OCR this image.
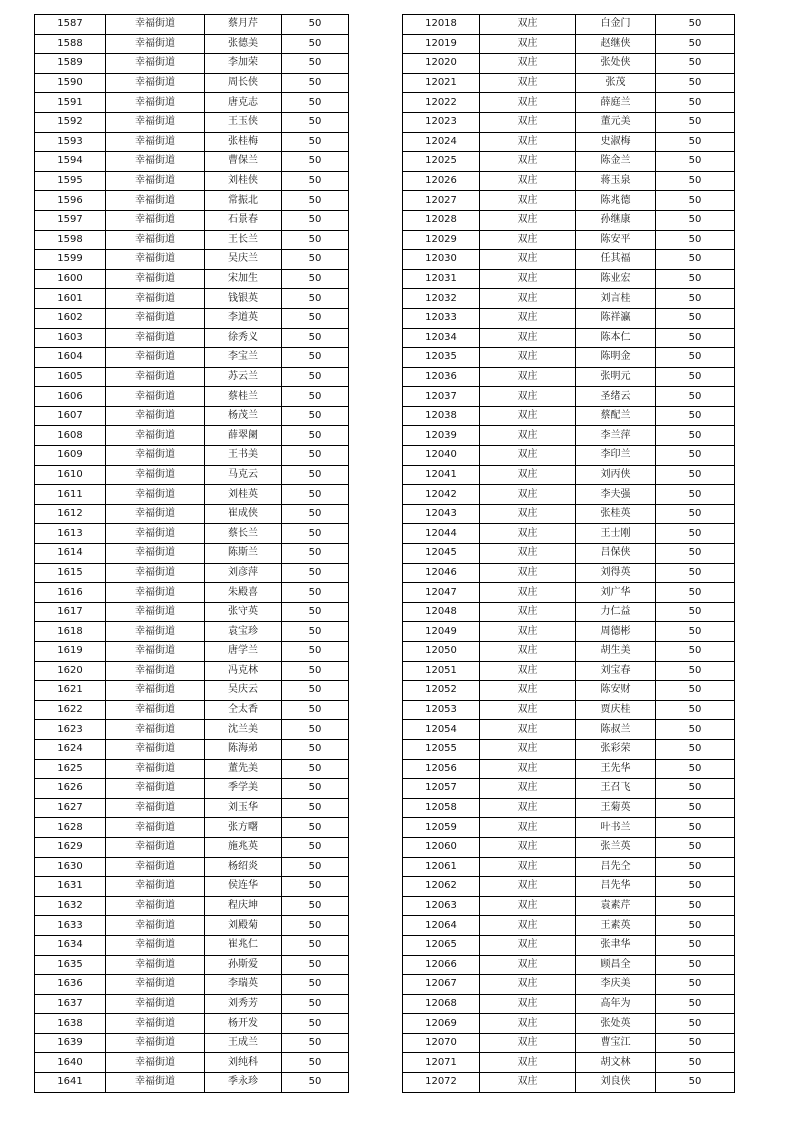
1587	幸福街道	蔡月芹	50
1588	幸福街道	张德美	50
1589	幸福街道	李加荣	50
1590	幸福街道	周长侠	50
1591	幸福街道	唐克志	50
1592	幸福街道	王玉侠	50
1593	幸福街道	张桂梅	50
1594	幸福街道	曹保兰	50
1595	幸福街道	刘桂侠	50
1596	幸福街道	常振北	50
1597	幸福街道	石景春	50
1598	幸福街道	王长兰	50
1599	幸福街道	吴庆兰	50
1600	幸福街道	宋加生	50
1601	幸福街道	钱银英	50
1602	幸福街道	李道英	50
1603	幸福街道	徐秀义	50
1604	幸福街道	李宝兰	50
1605	幸福街道	苏云兰	50
1606	幸福街道	蔡桂兰	50
1607	幸福街道	杨茂兰	50
1608	幸福街道	薛翠阑	50
1609	幸福街道	王书美	50
1610	幸福街道	马克云	50
1611	幸福街道	刘桂英	50
1612	幸福街道	崔成侠	50
1613	幸福街道	蔡长兰	50
1614	幸福街道	陈斯兰	50
1615	幸福街道	刘彦萍	50
1616	幸福街道	朱殿喜	50
1617	幸福街道	张守英	50
1618	幸福街道	袁宝珍	50
1619	幸福街道	唐学兰	50
1620	幸福街道	冯克林	50
1621	幸福街道	吴庆云	50
1622	幸福街道	仝太香	50
1623	幸福街道	沈兰美	50
1624	幸福街道	陈海弟	50
1625	幸福街道	董先美	50
1626	幸福街道	季学美	50
1627	幸福街道	刘玉华	50
1628	幸福街道	张方曙	50
1629	幸福街道	施兆英	50
1630	幸福街道	杨绍炎	50
1631	幸福街道	侯连华	50
1632	幸福街道	程庆坤	50
1633	幸福街道	刘殿菊	50
1634	幸福街道	崔兆仁	50
1635	幸福街道	孙斯爱	50
1636	幸福街道	李瑞英	50
1637	幸福街道	刘秀芳	50
1638	幸福街道	杨开发	50
1639	幸福街道	王成兰	50
1640	幸福街道	刘纯科	50
1641	幸福街道	季永珍	50
12018	双庄	白金门	50
12019	双庄	赵继侠	50
12020	双庄	张处侠	50
12021	双庄	张茂	50
12022	双庄	薛庭兰	50
12023	双庄	董元美	50
12024	双庄	史淑梅	50
12025	双庄	陈金兰	50
12026	双庄	蒋玉泉	50
12027	双庄	陈兆德	50
12028	双庄	孙继康	50
12029	双庄	陈安平	50
12030	双庄	任其福	50
12031	双庄	陈业宏	50
12032	双庄	刘言桂	50
12033	双庄	陈祥瀛	50
12034	双庄	陈本仁	50
12035	双庄	陈明金	50
12036	双庄	张明元	50
12037	双庄	圣绪云	50
12038	双庄	蔡配兰	50
12039	双庄	李兰萍	50
12040	双庄	李印兰	50
12041	双庄	刘丙侠	50
12042	双庄	李夫强	50
12043	双庄	张桂英	50
12044	双庄	王士刚	50
12045	双庄	吕保侠	50
12046	双庄	刘得英	50
12047	双庄	刘广华	50
12048	双庄	力仁益	50
12049	双庄	周德彬	50
12050	双庄	胡生美	50
12051	双庄	刘宝春	50
12052	双庄	陈安财	50
12053	双庄	贾庆桂	50
12054	双庄	陈叔兰	50
12055	双庄	张彩荣	50
12056	双庄	王先华	50
12057	双庄	王召飞	50
12058	双庄	王菊英	50
12059	双庄	叶书兰	50
12060	双庄	张兰英	50
12061	双庄	吕先仝	50
12062	双庄	吕先华	50
12063	双庄	袁素芹	50
12064	双庄	王素英	50
12065	双庄	张聿华	50
12066	双庄	顾昌全	50
12067	双庄	李庆美	50
12068	双庄	高年为	50
12069	双庄	张处英	50
12070	双庄	曹宝江	50
12071	双庄	胡文林	50
12072	双庄	刘良侠	50
